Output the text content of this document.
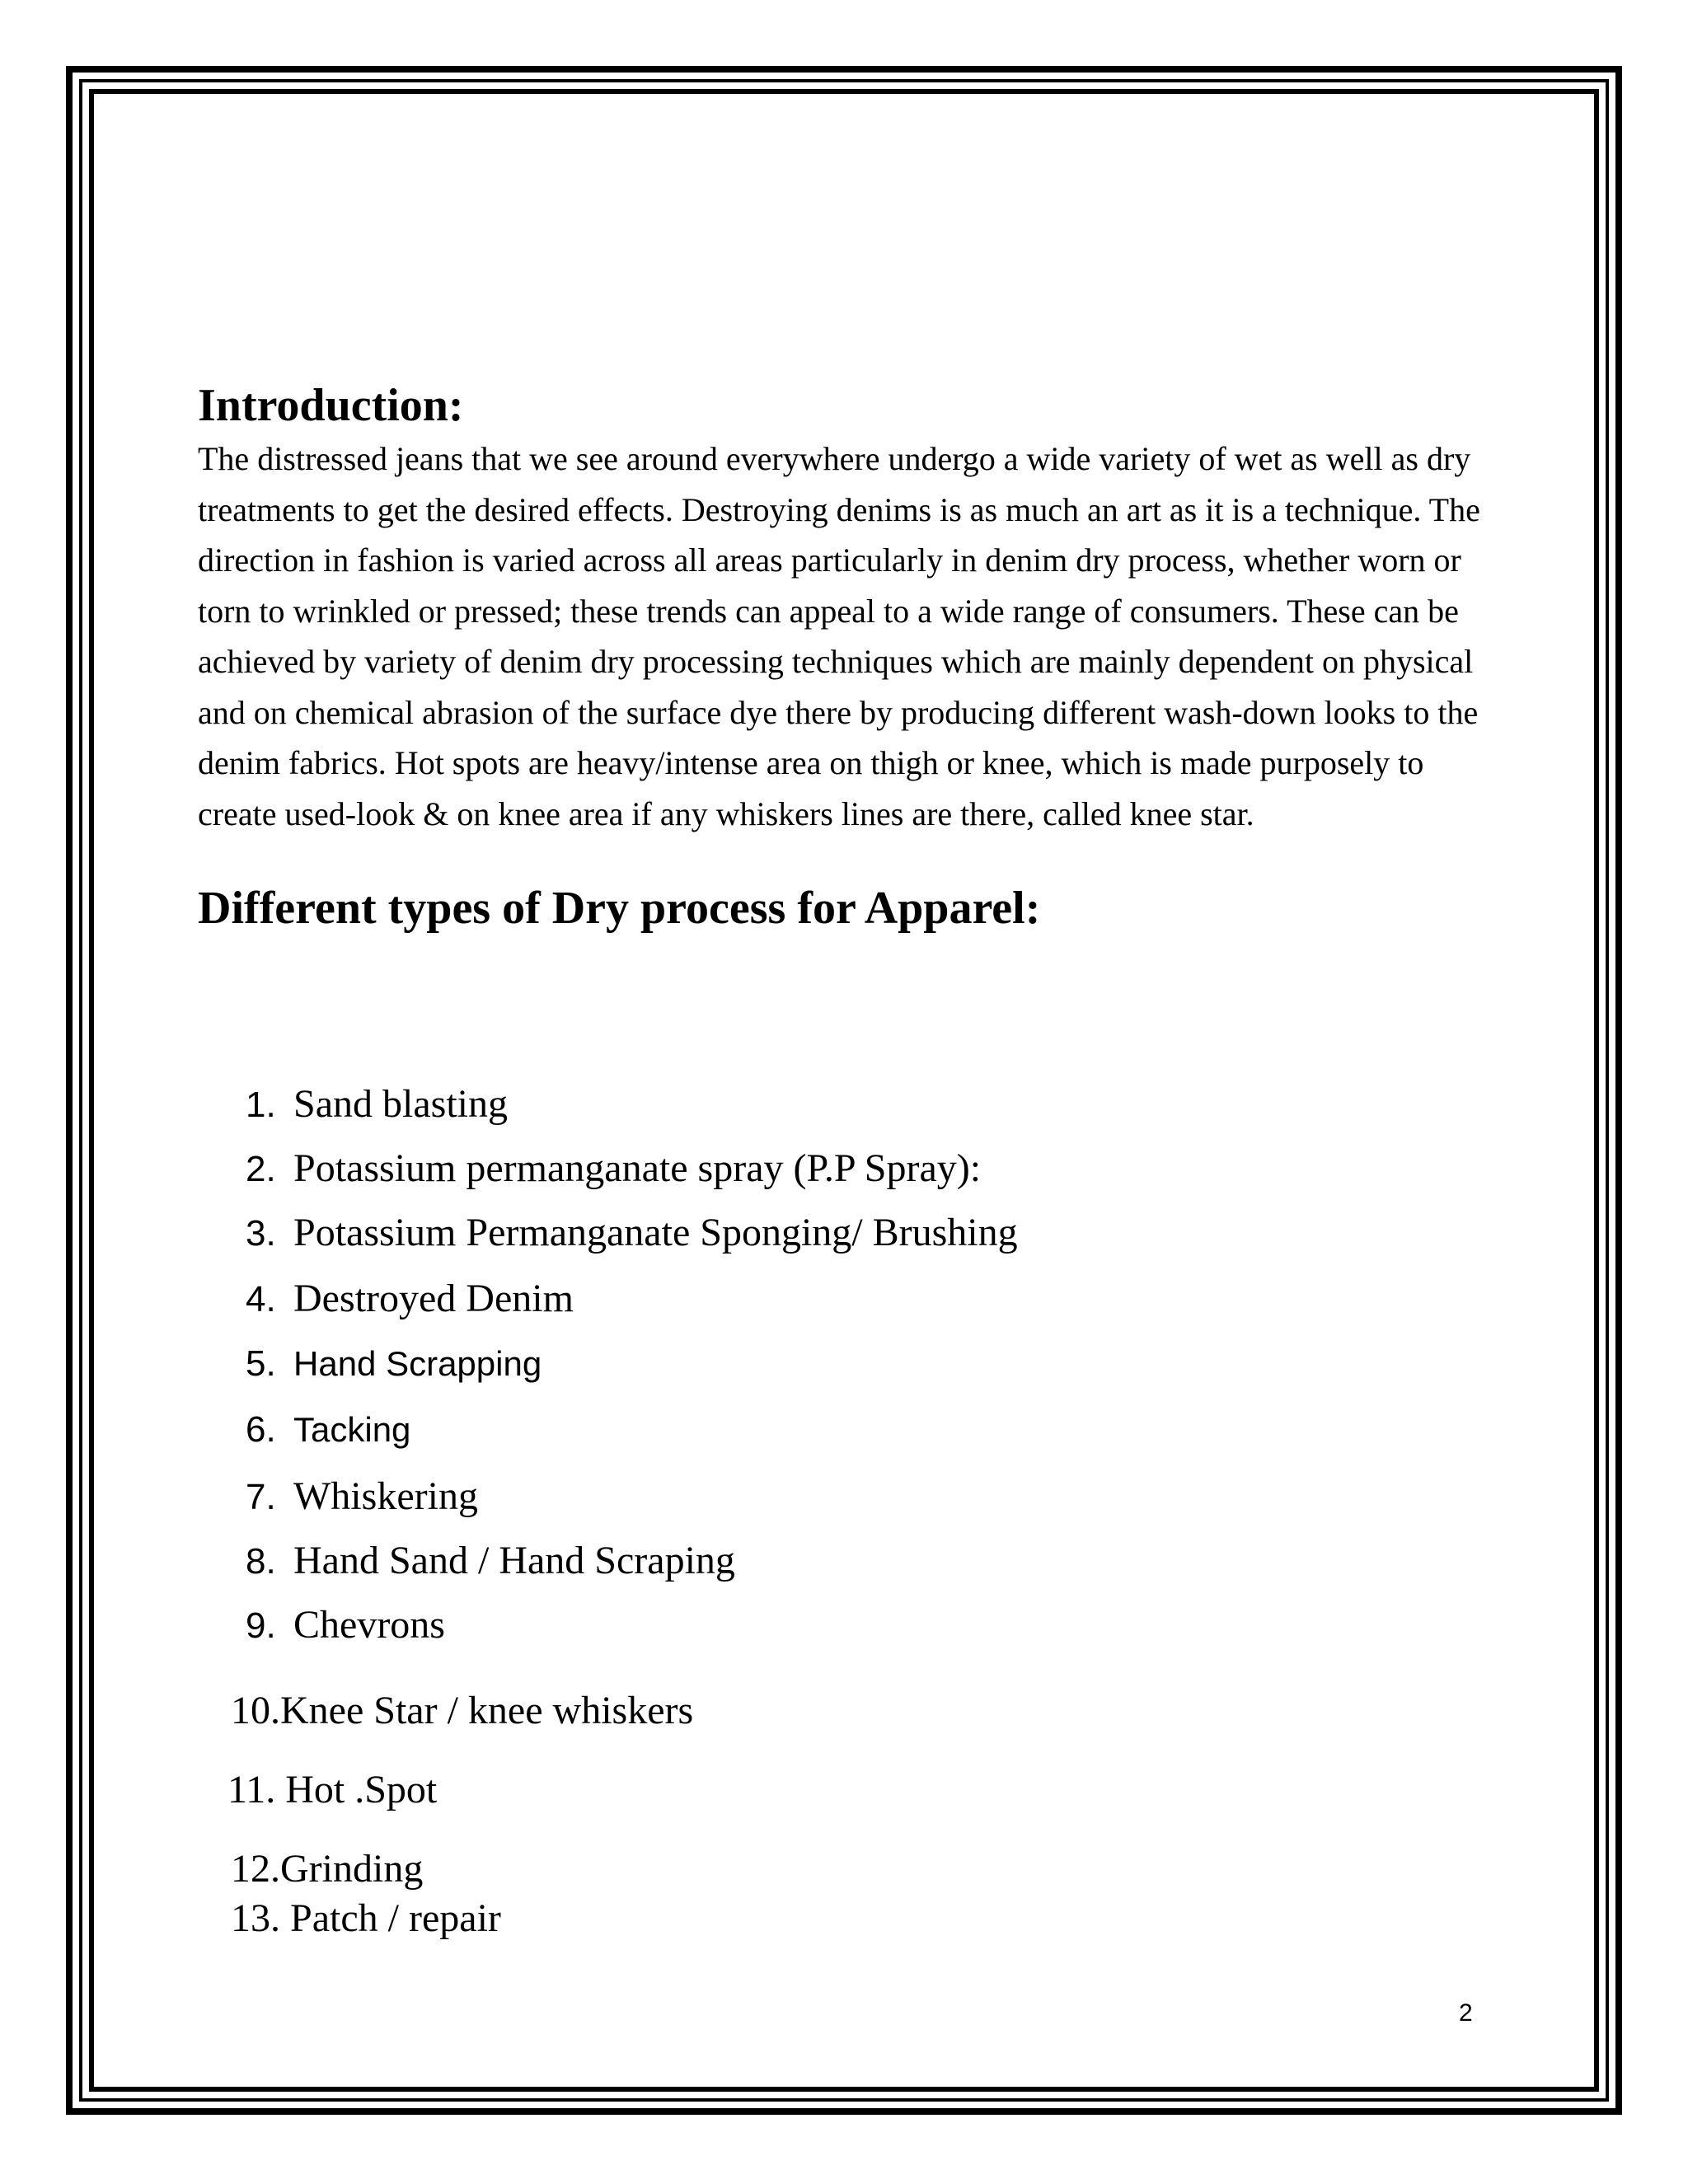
Introduction:

The distressed jeans that we see around everywhere undergo a wide variety of wet as well as dry treatments to get the desired effects. Destroying denims is as much an art as it is a technique. The direction in fashion is varied across all areas particularly in denim dry process, whether worn or torn to wrinkled or pressed; these trends can appeal to a wide range of consumers. These can be achieved by variety of denim dry processing techniques which are mainly dependent on physical and on chemical abrasion of the surface dye there by producing different wash-down looks to the denim fabrics. Hot spots are heavy/intense area on thigh or knee, which is made purposely to create used-look & on knee area if any whiskers lines are there, called knee star.

Different types of Dry process for Apparel:
1. Sand blasting
2. Potassium permanganate spray (P.P Spray):
3. Potassium Permanganate Sponging/ Brushing
4. Destroyed Denim
5. Hand Scrapping
6. Tacking
7. Whiskering
8. Hand Sand / Hand Scraping
9. Chevrons
10.Knee Star / knee whiskers
11. Hot .Spot
12.Grinding
13. Patch / repair
2
